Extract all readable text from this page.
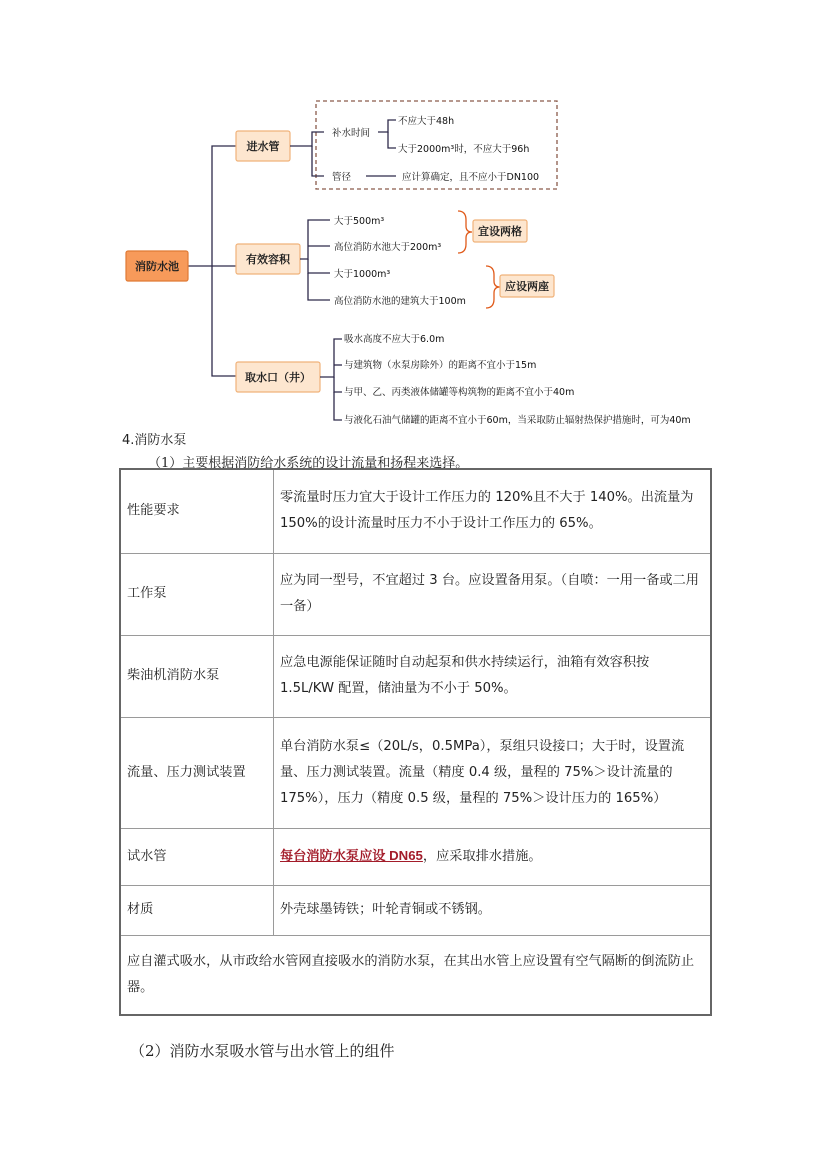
消防水池
进水管
补水时间
不应大于48h
大于2000m³时，不应大于96h
管径	应计算确定，且不应小于DN100
有效容积
大于500m³
高位消防水池大于200m³
大于1000m³
高位消防水池的建筑大于100m
宜设两格
应设两座
取水口（井）
吸水高度不应大于6.0m
与建筑物（水泵房除外）的距离不宜小于15m
与甲、乙、丙类液体储罐等构筑物的距离不宜小于40m
与液化石油气储罐的距离不宜小于60m，当采取防止辐射热保护措施时，可为40m
4.消防水泵
（1）主要根据消防给水系统的设计流量和扬程来选择。
性能要求	零流量时压力宜大于设计工作压力的 120%且不大于 140%。出流量为 150%的设计流量时压力不小于设计工作压力的 65%。
工作泵	应为同一型号，不宜超过 3 台。应设置备用泵。（自喷：一用一备或二用一备）
柴油机消防水泵	应急电源能保证随时自动起泵和供水持续运行，油箱有效容积按 1.5L/KW 配置，储油量为不小于 50%。
流量、压力测试装置	单台消防水泵≤（20L/s，0.5MPa），泵组只设接口；大于时，设置流量、压力测试装置。流量（精度 0.4 级，量程的 75%＞设计流量的 175%），压力（精度 0.5 级，量程的 75%＞设计压力的 165%）
试水管	每台消防水泵应设 DN65，应采取排水措施。
材质	外壳球墨铸铁；叶轮青铜或不锈钢。
应自灌式吸水，从市政给水管网直接吸水的消防水泵，在其出水管上应设置有空气隔断的倒流防止器。	
（2）消防水泵吸水管与出水管上的组件
